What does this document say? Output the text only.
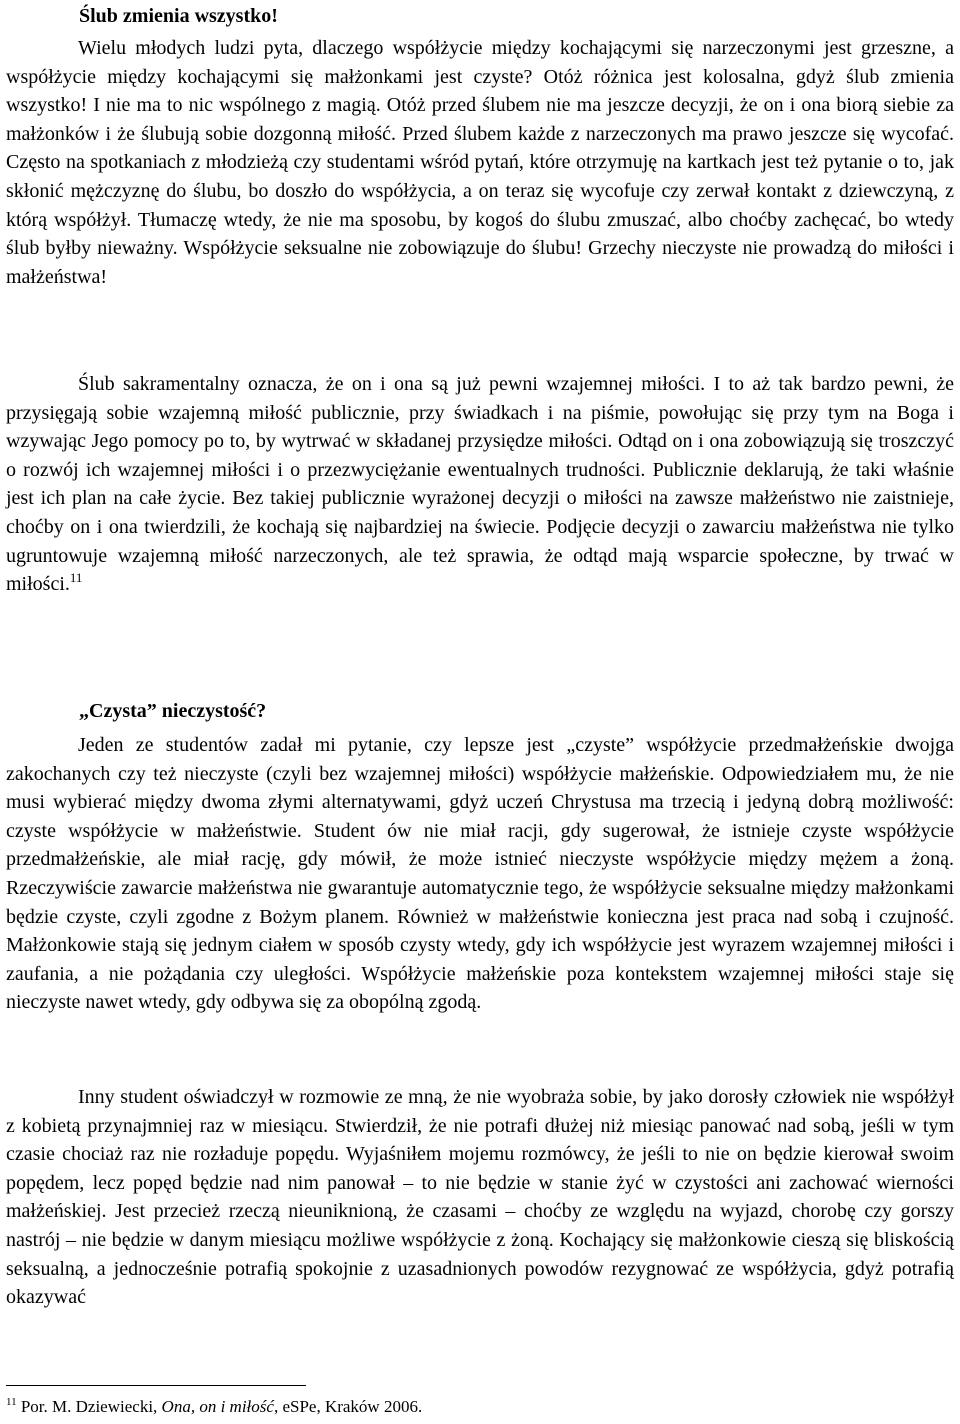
Ślub zmienia wszystko!

Wielu młodych ludzi pyta, dlaczego współżycie między kochającymi się narzeczonymi jest grzeszne, a współżycie między kochającymi się małżonkami jest czyste? Otóż różnica jest kolosalna, gdyż ślub zmienia wszystko! I nie ma to nic wspólnego z magią. Otóż przed ślubem nie ma jeszcze decyzji, że on i ona biorą siebie za małżonków i że ślubują sobie dozgonną miłość. Przed ślubem każde z narzeczonych ma prawo jeszcze się wycofać. Często na spotkaniach z młodzieżą czy studentami wśród pytań, które otrzymuję na kartkach jest też pytanie o to, jak skłonić mężczyznę do ślubu, bo doszło do współżycia, a on teraz się wycofuje czy zerwał kontakt z dziewczyną, z którą współżył. Tłumaczę wtedy, że nie ma sposobu, by kogoś do ślubu zmuszać, albo choćby zachęcać, bo wtedy ślub byłby nieważny. Współżycie seksualne nie zobowiązuje do ślubu! Grzechy nieczyste nie prowadzą do miłości i małżeństwa!

Ślub sakramentalny oznacza, że on i ona są już pewni wzajemnej miłości. I to aż tak bardzo pewni, że przysięgają sobie wzajemną miłość publicznie, przy świadkach i na piśmie, powołując się przy tym na Boga i wzywając Jego pomocy po to, by wytrwać w składanej przysiędze miłości. Odtąd on i ona zobowiązują się troszczyć o rozwój ich wzajemnej miłości i o przezwyciężanie ewentualnych trudności. Publicznie deklarują, że taki właśnie jest ich plan na całe życie. Bez takiej publicznie wyrażonej decyzji o miłości na zawsze małżeństwo nie zaistnieje, choćby on i ona twierdzili, że kochają się najbardziej na świecie. Podjęcie decyzji o zawarciu małżeństwa nie tylko ugruntowuje wzajemną miłość narzeczonych, ale też sprawia, że odtąd mają wsparcie społeczne, by trwać w miłości.$^{11}$

„Czysta” nieczystość?

Jeden ze studentów zadał mi pytanie, czy lepsze jest „czyste” współżycie przedmałżeńskie dwojga zakochanych czy też nieczyste (czyli bez wzajemnej miłości) współżycie małżeńskie. Odpowiedziałem mu, że nie musi wybierać między dwoma złymi alternatywami, gdyż uczeń Chrystusa ma trzecią i jedyną dobrą możliwość: czyste współżycie w małżeństwie. Student ów nie miał racji, gdy sugerował, że istnieje czyste współżycie przedmałżeńskie, ale miał rację, gdy mówił, że może istnieć nieczyste współżycie między mężem a żoną. Rzeczywiście zawarcie małżeństwa nie gwarantuje automatycznie tego, że współżycie seksualne między małżonkami będzie czyste, czyli zgodne z Bożym planem. Również w małżeństwie konieczna jest praca nad sobą i czujność. Małżonkowie stają się jednym ciałem w sposób czysty wtedy, gdy ich współżycie jest wyrazem wzajemnej miłości i zaufania, a nie pożądania czy uległości. Współżycie małżeńskie poza kontekstem wzajemnej miłości staje się nieczyste nawet wtedy, gdy odbywa się za obopólną zgodą.

Inny student oświadczył w rozmowie ze mną, że nie wyobraża sobie, by jako dorosły człowiek nie współżył z kobietą przynajmniej raz w miesiącu. Stwierdził, że nie potrafi dłużej niż miesiąc panować nad sobą, jeśli w tym czasie chociaż raz nie rozładuje popędu. Wyjaśniłem mojemu rozmówcy, że jeśli to nie on będzie kierował swoim popędem, lecz popęd będzie nad nim panował – to nie będzie w stanie żyć w czystości ani zachować wierności małżeńskiej. Jest przecież rzeczą nieuniknioną, że czasami – choćby ze względu na wyjazd, chorobę czy gorszy nastrój – nie będzie w danym miesiącu możliwe współżycie z żoną. Kochający się małżonkowie cieszą się bliskością seksualną, a jednocześnie potrafią spokojnie z uzasadnionych powodów rezygnować ze współżycia, gdyż potrafią okazywać

$^{11}$ Por. M. Dziewiecki, Ona, on i miłość, eSPe, Kraków 2006.
